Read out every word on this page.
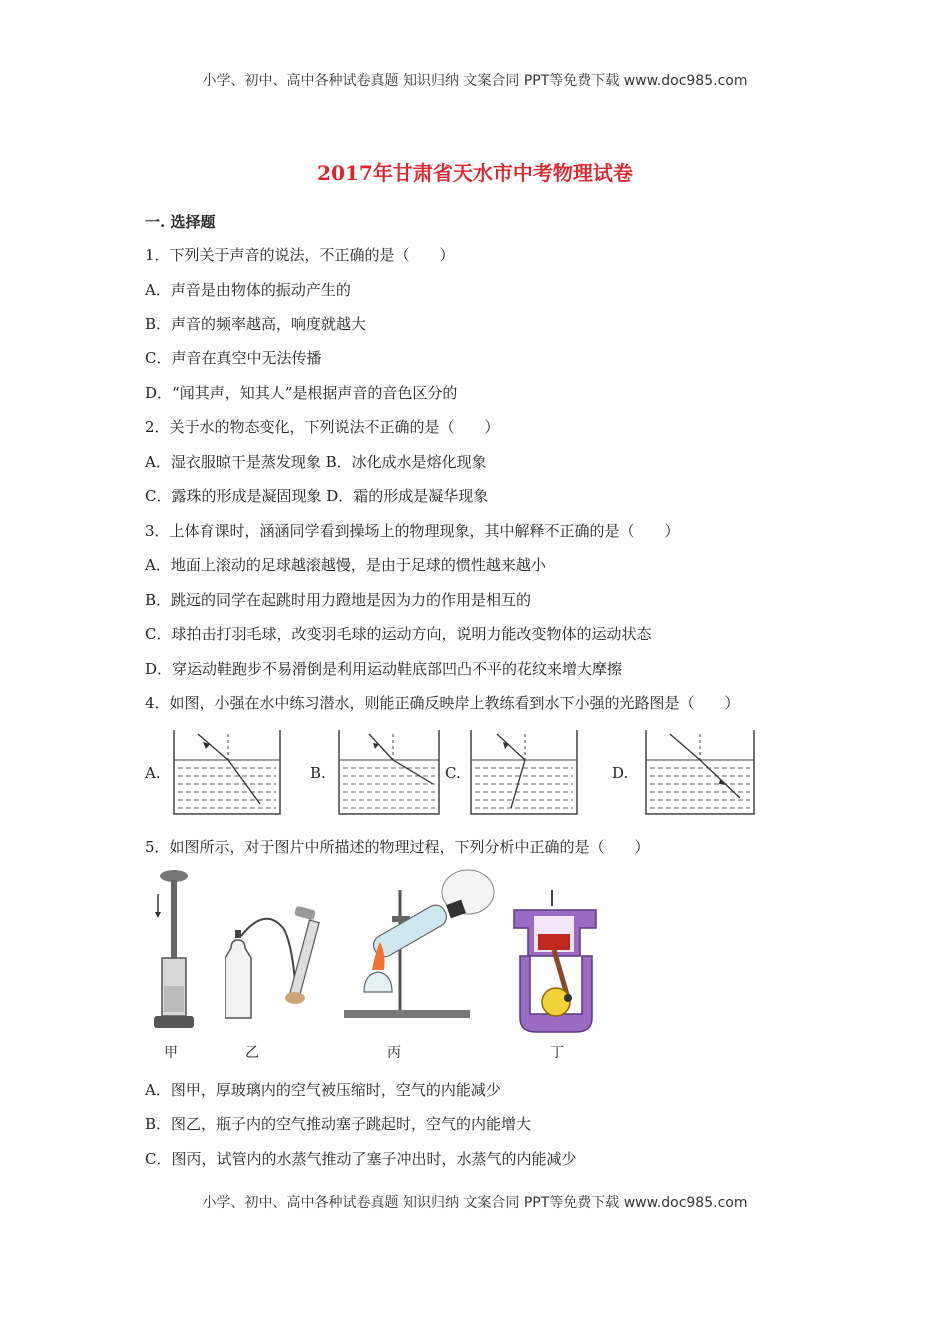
小学、初中、高中各种试卷真题 知识归纳 文案合同 PPT等免费下载 www.doc985.com
2017年甘肃省天水市中考物理试卷
一. 选择题
1．下列关于声音的说法，不正确的是（　　）
A．声音是由物体的振动产生的
B．声音的频率越高，响度就越大
C．声音在真空中无法传播
D．“闻其声，知其人”是根据声音的音色区分的
2．关于水的物态变化，下列说法不正确的是（　　）
A．湿衣服晾干是蒸发现象 B．冰化成水是熔化现象
C．露珠的形成是凝固现象 D．霜的形成是凝华现象
3．上体育课时，涵涵同学看到操场上的物理现象，其中解释不正确的是（　　）
A．地面上滚动的足球越滚越慢，是由于足球的惯性越来越小
B．跳远的同学在起跳时用力蹬地是因为力的作用是相互的
C．球拍击打羽毛球，改变羽毛球的运动方向，说明力能改变物体的运动状态
D．穿运动鞋跑步不易滑倒是利用运动鞋底部凹凸不平的花纹来增大摩擦
4．如图，小强在水中练习潜水，则能正确反映岸上教练看到水下小强的光路图是（　　）
A.	B.	C.	D.
5．如图所示，对于图片中所描述的物理过程，下列分析中正确的是（　　）
甲	乙	丙	丁
A．图甲，厚玻璃内的空气被压缩时，空气的内能减少
B．图乙，瓶子内的空气推动塞子跳起时，空气的内能增大
C．图丙，试管内的水蒸气推动了塞子冲出时，水蒸气的内能减少
小学、初中、高中各种试卷真题 知识归纳 文案合同 PPT等免费下载 www.doc985.com
